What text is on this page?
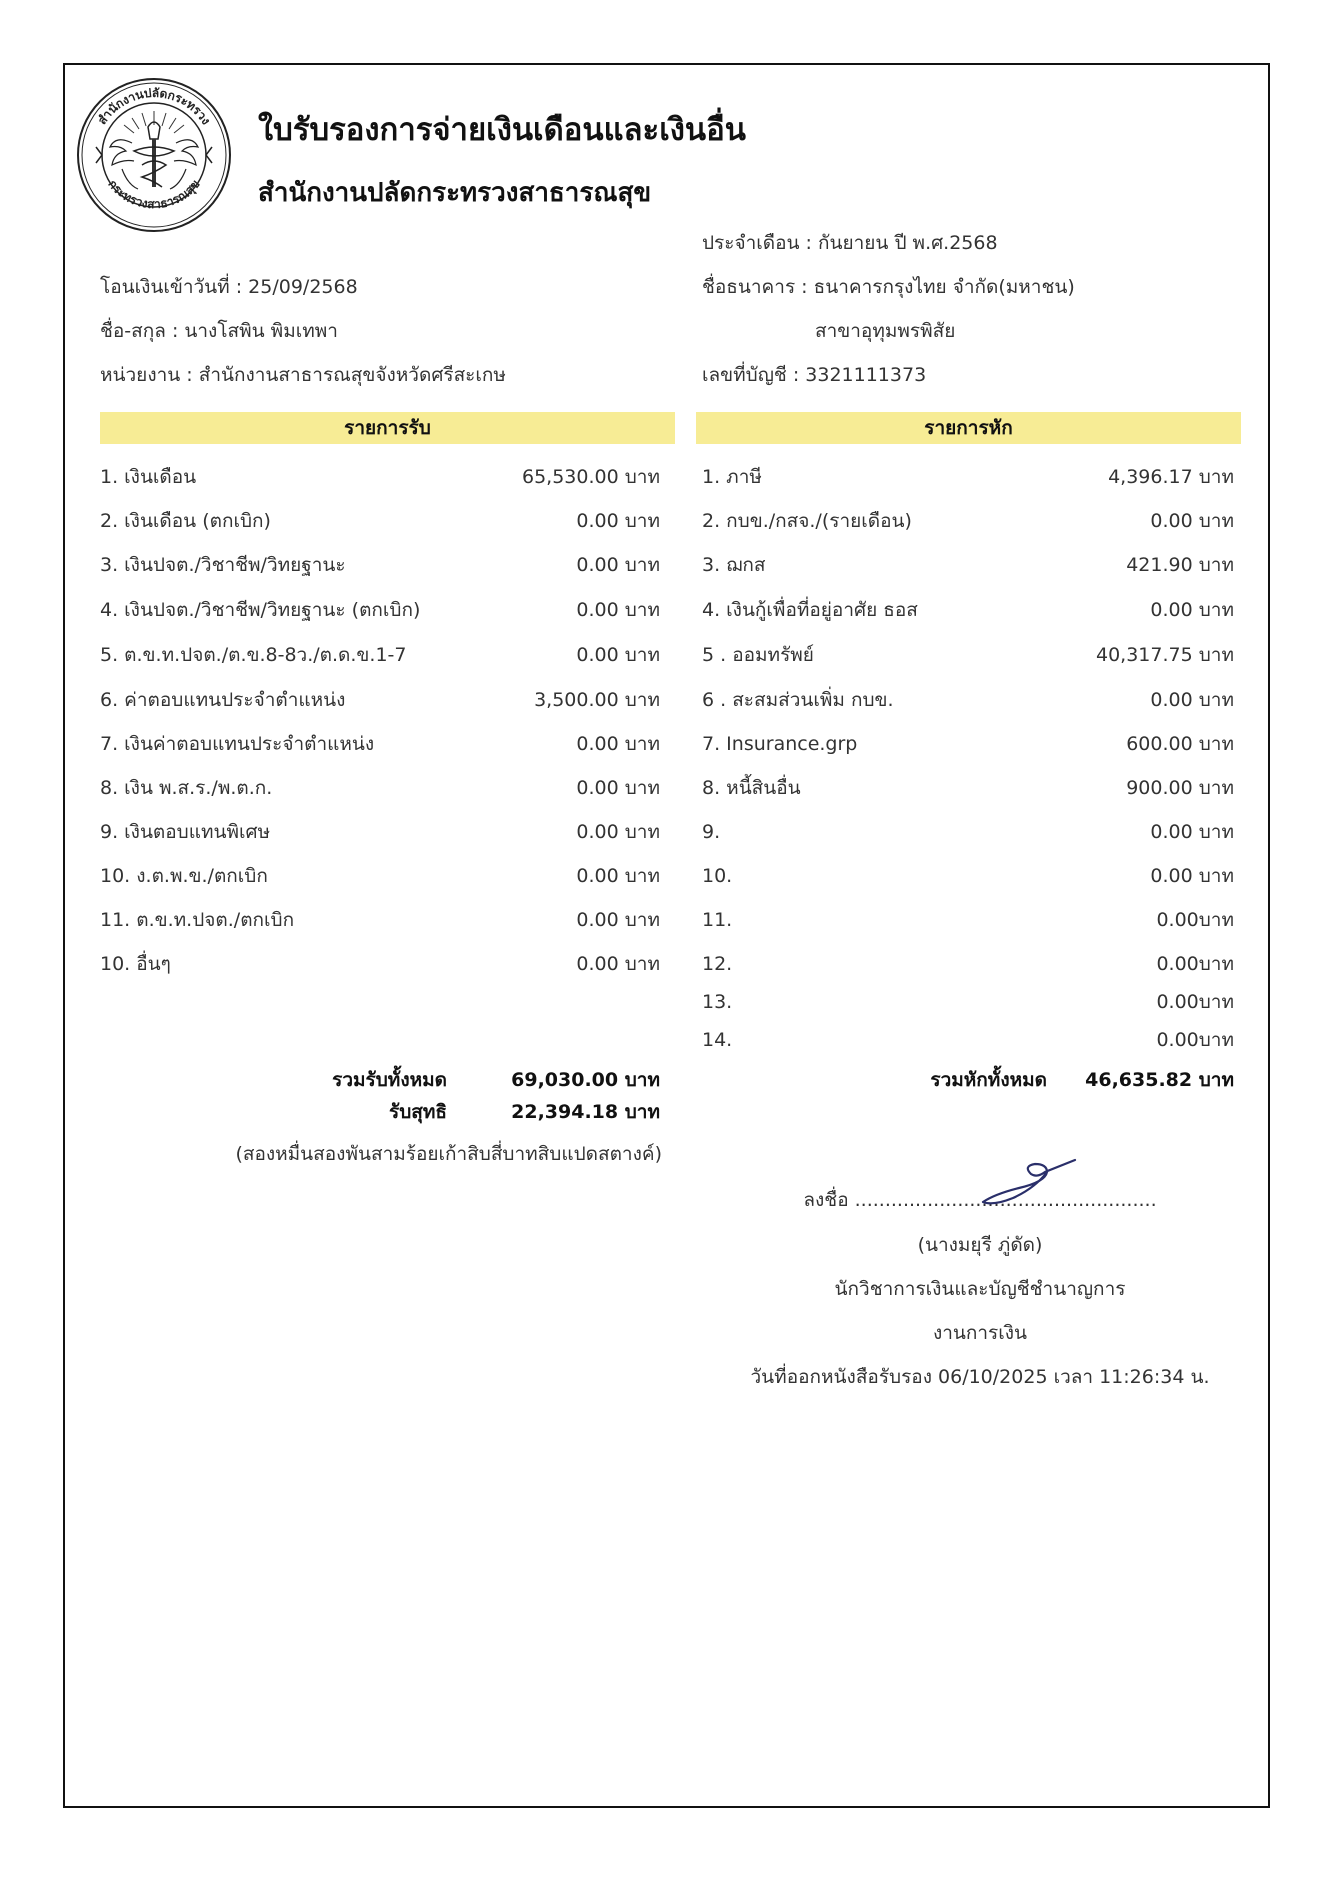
สำนักงานปลัดกระทรวง
กระทรวงสาธารณสุข
ใบรับรองการจ่ายเงินเดือนและเงินอื่น
สำนักงานปลัดกระทรวงสาธารณสุข
โอนเงินเข้าวันที่ : 25/09/2568
ชื่อ-สกุล : นางโสพิน พิมเทพา
หน่วยงาน : สำนักงานสาธารณสุขจังหวัดศรีสะเกษ
ประจำเดือน : กันยายน ปี พ.ศ.2568
ชื่อธนาคาร : ธนาคารกรุงไทย จำกัด(มหาชน)
สาขาอุทุมพรพิสัย
เลขที่บัญชี : 3321111373
รายการรับ	รายการหัก
1. เงินเดือน	65,530.00 บาท
2. เงินเดือน (ตกเบิก)	0.00 บาท
3. เงินปจต./วิชาชีพ/วิทยฐานะ	0.00 บาท
4. เงินปจต./วิชาชีพ/วิทยฐานะ (ตกเบิก)	0.00 บาท
5. ต.ข.ท.ปจต./ต.ข.8-8ว./ต.ด.ข.1-7	0.00 บาท
6. ค่าตอบแทนประจำตำแหน่ง	3,500.00 บาท
7. เงินค่าตอบแทนประจำตำแหน่ง	0.00 บาท
8. เงิน พ.ส.ร./พ.ต.ก.	0.00 บาท
9. เงินตอบแทนพิเศษ	0.00 บาท
10. ง.ต.พ.ข./ตกเบิก	0.00 บาท
11. ต.ข.ท.ปจต./ตกเบิก	0.00 บาท
10. อื่นๆ	0.00 บาท
1. ภาษี	4,396.17 บาท
2. กบข./กสจ./(รายเดือน)	0.00 บาท
3. ฌกส	421.90 บาท
4. เงินกู้เพื่อที่อยู่อาศัย ธอส	0.00 บาท
5 . ออมทรัพย์	40,317.75 บาท
6 . สะสมส่วนเพิ่ม กบข.	0.00 บาท
7. Insurance.grp	600.00 บาท
8. หนี้สินอื่น	900.00 บาท
9.	0.00 บาท
10.	0.00 บาท
11.	0.00บาท
12.	0.00บาท
13.	0.00บาท
14.	0.00บาท
รวมรับทั้งหมด	69,030.00 บาท
รับสุทธิ	22,394.18 บาท
(สองหมื่นสองพันสามร้อยเก้าสิบสี่บาทสิบแปดสตางค์)
รวมหักทั้งหมด 46,635.82 บาท
ลงชื่อ ..................................................
(นางมยุรี ภู่ดัด)
นักวิชาการเงินและบัญชีชำนาญการ
งานการเงิน
วันที่ออกหนังสือรับรอง 06/10/2025 เวลา 11:26:34 น.
